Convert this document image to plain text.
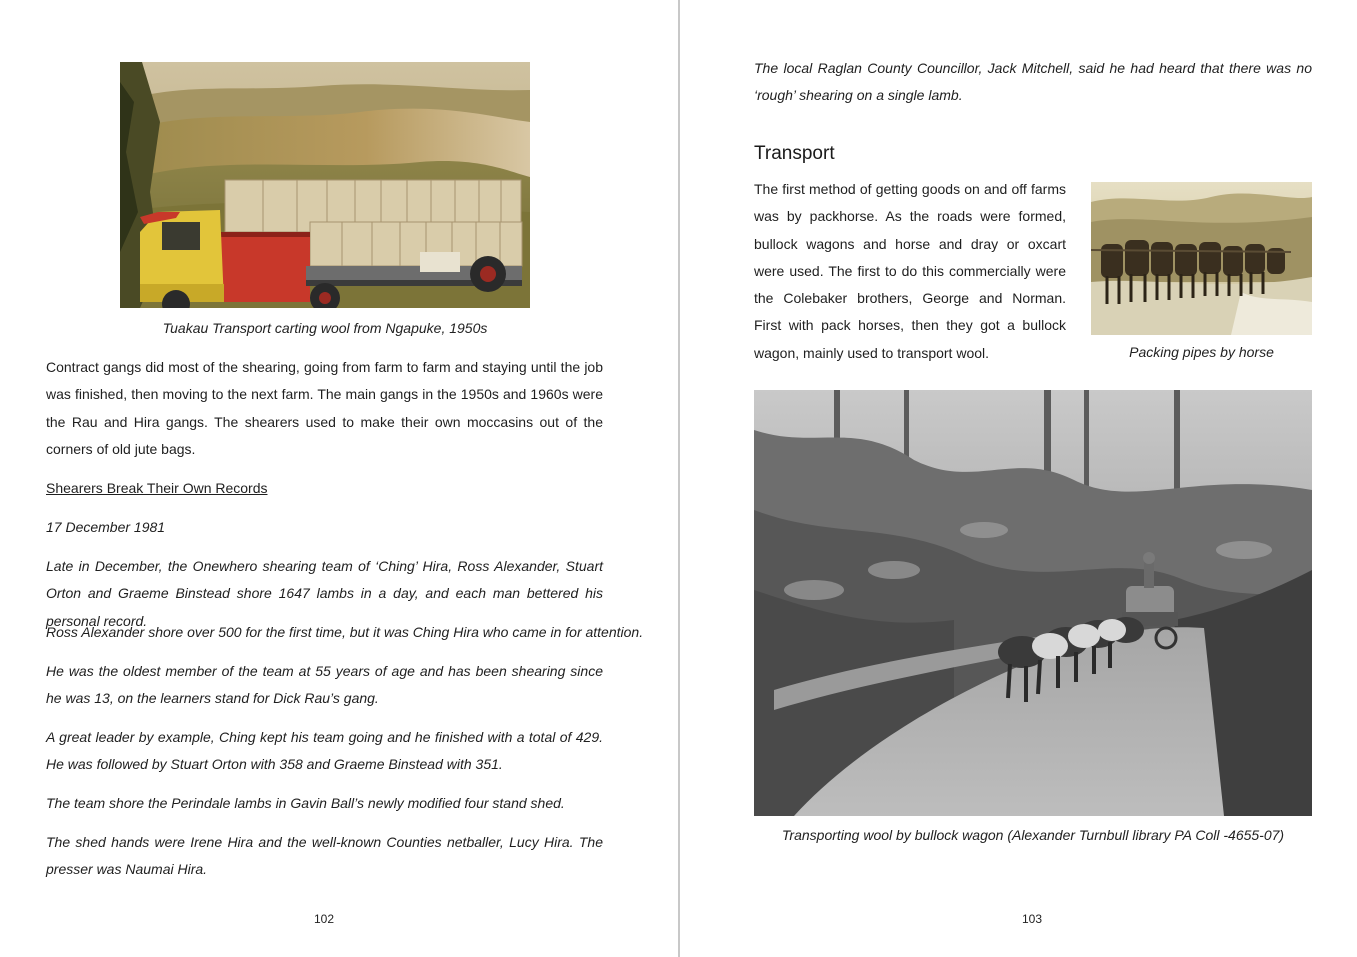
Tuakau Transport carting wool from Ngapuke, 1950s

Contract gangs did most of the shearing, going from farm to farm and staying until the job was finished, then moving to the next farm. The main gangs in the 1950s and 1960s were the Rau and Hira gangs. The shearers used to make their own moccasins out of the corners of old jute bags.

Shearers Break Their Own Records

17 December 1981

Late in December, the Onewhero shearing team of ‘Ching’ Hira, Ross Alexander, Stuart Orton and Graeme Binstead shore 1647 lambs in a day, and each man bettered his personal record.

Ross Alexander shore over 500 for the first time, but it was Ching Hira who came in for attention.

He was the oldest member of the team at 55 years of age and has been shearing since he was 13, on the learners stand for Dick Rau’s gang.

A great leader by example, Ching kept his team going and he finished with a total of 429. He was followed by Stuart Orton with 358 and Graeme Binstead with 351.

The team shore the Perindale lambs in Gavin Ball’s newly modified four stand shed.

The shed hands were Irene Hira and the well-known Counties netballer, Lucy Hira. The presser was Naumai Hira.

102

The local Raglan County Councillor, Jack Mitchell, said he had heard that there was no ‘rough’ shearing on a single lamb.

Transport

The first method of getting goods on and off farms was by packhorse. As the roads were formed, bullock wagons and horse and dray or oxcart were used. The first to do this commercially were the Colebaker brothers, George and Norman. First with pack horses, then they got a bullock wagon, mainly used to transport wool.	Packing pipes by horse
Transporting wool by bullock wagon (Alexander Turnbull library PA Coll -4655-07)
103
